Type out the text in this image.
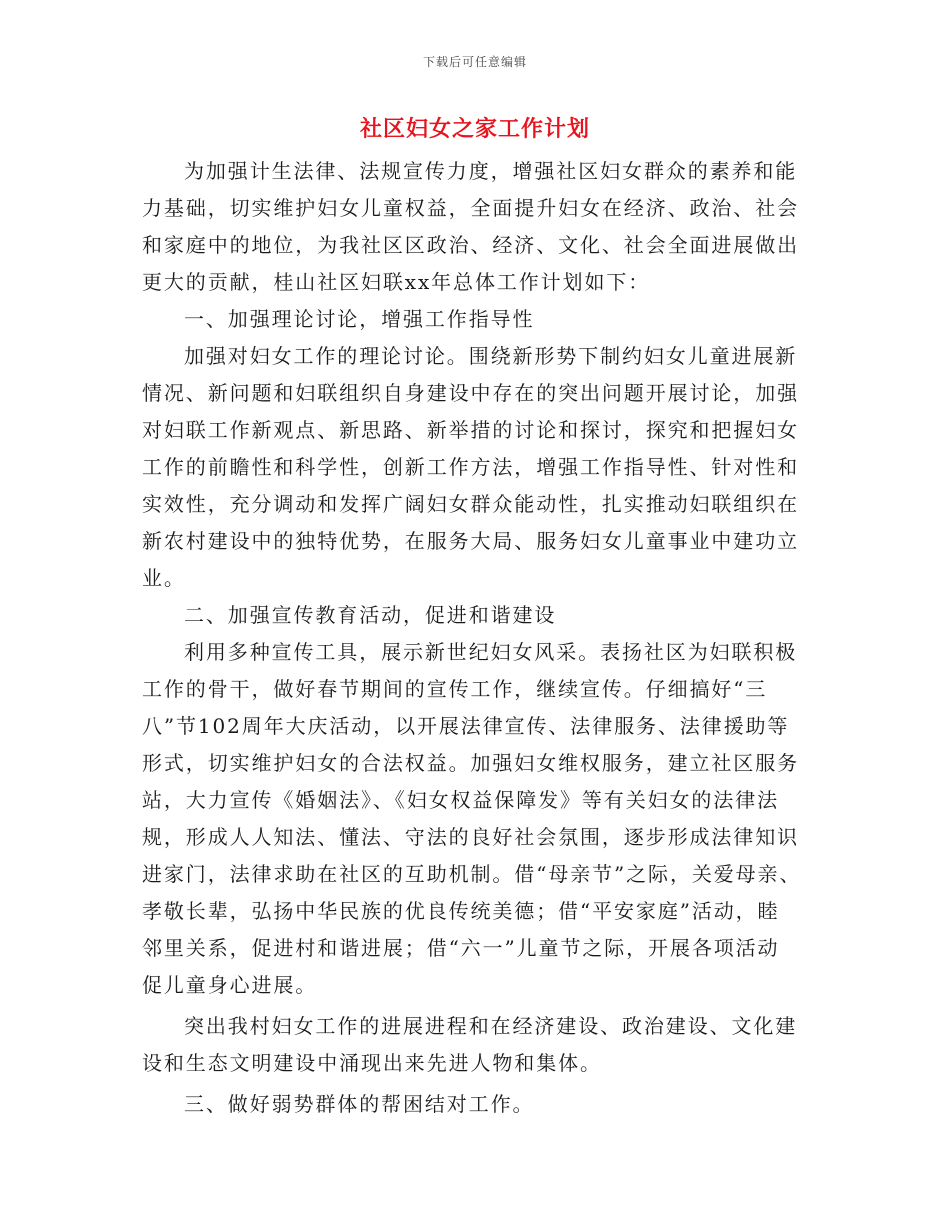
下载后可任意编辑
社区妇女之家工作计划
为加强计生法律、法规宣传力度，增强社区妇女群众的素养和能
力基础，切实维护妇女儿童权益，全面提升妇女在经济、政治、社会
和家庭中的地位，为我社区区政治、经济、文化、社会全面进展做出
更大的贡献，桂山社区妇联xx年总体工作计划如下：
一、加强理论讨论，增强工作指导性
加强对妇女工作的理论讨论。围绕新形势下制约妇女儿童进展新
情况、新问题和妇联组织自身建设中存在的突出问题开展讨论，加强
对妇联工作新观点、新思路、新举措的讨论和探讨，探究和把握妇女
工作的前瞻性和科学性，创新工作方法，增强工作指导性、针对性和
实效性，充分调动和发挥广阔妇女群众能动性，扎实推动妇联组织在
新农村建设中的独特优势，在服务大局、服务妇女儿童事业中建功立
业。
二、加强宣传教育活动，促进和谐建设
利用多种宣传工具，展示新世纪妇女风采。表扬社区为妇联积极
工作的骨干，做好春节期间的宣传工作，继续宣传。仔细搞好“三
八”节102周年大庆活动，以开展法律宣传、法律服务、法律援助等
形式，切实维护妇女的合法权益。加强妇女维权服务，建立社区服务
站，大力宣传《婚姻法》、《妇女权益保障发》等有关妇女的法律法
规，形成人人知法、懂法、守法的良好社会氛围，逐步形成法律知识
进家门，法律求助在社区的互助机制。借“母亲节”之际，关爱母亲、
孝敬长辈，弘扬中华民族的优良传统美德；借“平安家庭”活动，睦
邻里关系，促进村和谐进展；借“六一”儿童节之际，开展各项活动
促儿童身心进展。
突出我村妇女工作的进展进程和在经济建设、政治建设、文化建
设和生态文明建设中涌现出来先进人物和集体。
三、做好弱势群体的帮困结对工作。
